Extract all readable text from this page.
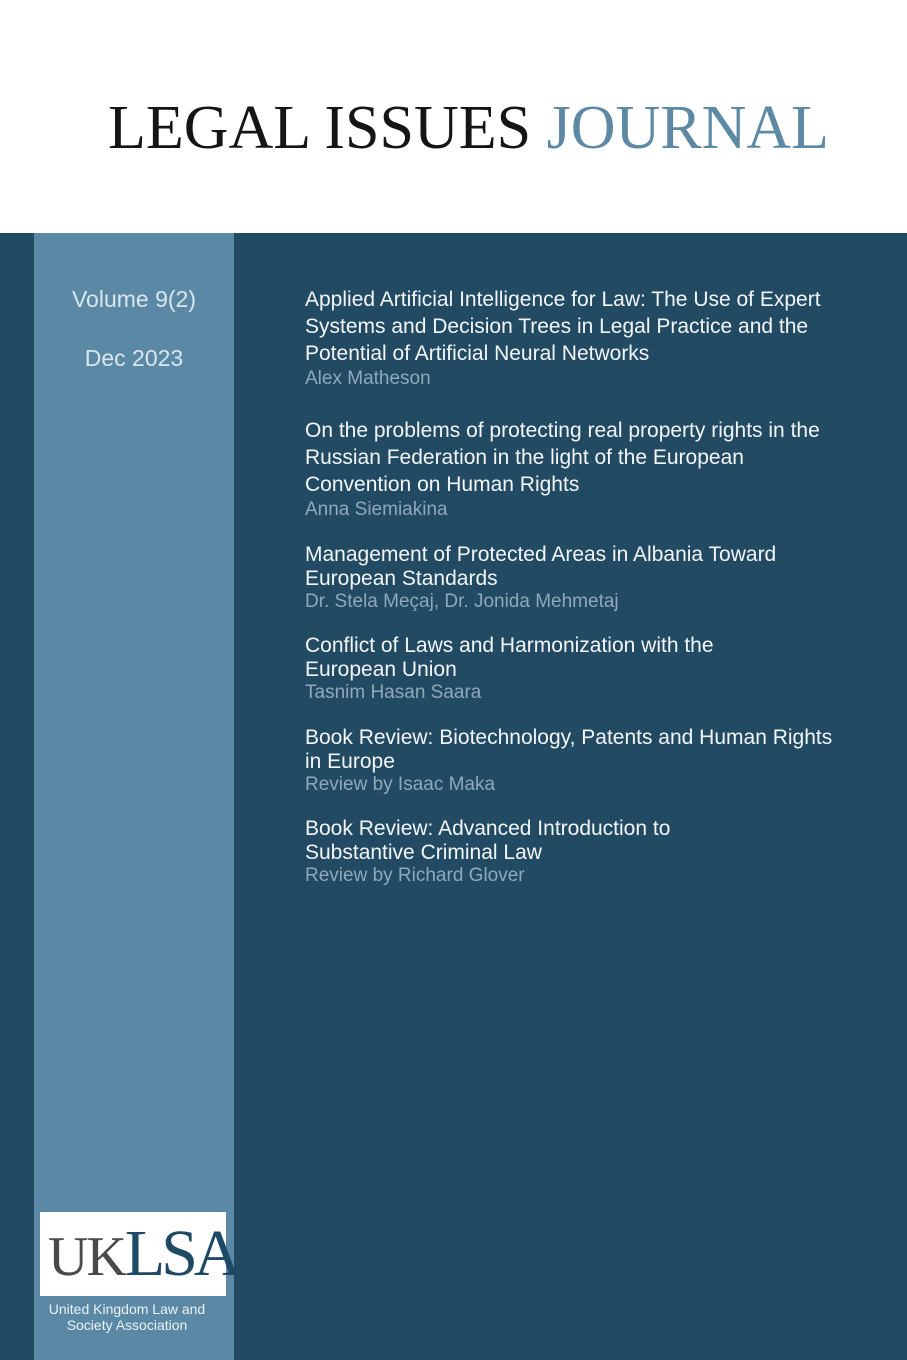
LEGAL ISSUES JOURNAL
Volume 9(2)
Dec 2023
UKLSA
United Kingdom Law and
Society Association
Applied Artificial Intelligence for Law: The Use of Expert Systems and Decision Trees in Legal Practice and the Potential of Artificial Neural Networks
Alex Matheson
On the problems of protecting real property rights in the Russian Federation in the light of the European Convention on Human Rights
Anna Siemiakina
Management of Protected Areas in Albania Toward European Standards
Dr. Stela Meçaj, Dr. Jonida Mehmetaj
Conflict of Laws and Harmonization with the European Union
Tasnim Hasan Saara
Book Review: Biotechnology, Patents and Human Rights in Europe
Review by Isaac Maka
Book Review: Advanced Introduction to Substantive Criminal Law
Review by Richard Glover
